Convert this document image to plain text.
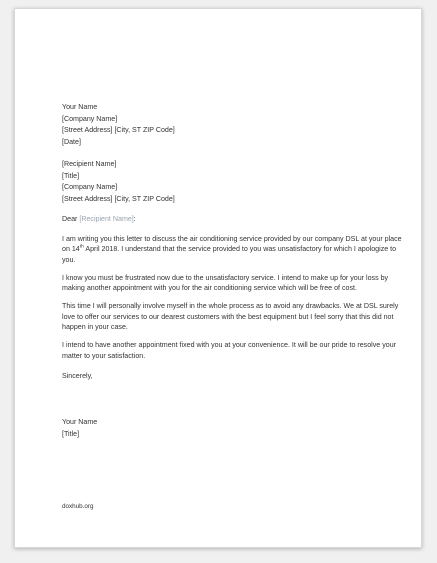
Your Name
[Company Name]
[Street Address] [City, ST ZIP Code]
[Date]
[Recipient Name]
[Title]
[Company Name]
[Street Address] [City, ST ZIP Code]
Dear [Recipient Name]:

I am writing you this letter to discuss the air conditioning service provided by our company DSL at your place on 14th April 2018. I understand that the service provided to you was unsatisfactory for which I apologize to you.

I know you must be frustrated now due to the unsatisfactory service. I intend to make up for your loss by making another appointment with you for the air conditioning service which will be free of cost.

This time I will personally involve myself in the whole process as to avoid any drawbacks. We at DSL surely love to offer our services to our dearest customers with the best equipment but I feel sorry that this did not happen in your case.

I intend to have another appointment fixed with you at your convenience. It will be our pride to resolve your matter to your satisfaction.

Sincerely,
Your Name
[Title]
doxhub.org
